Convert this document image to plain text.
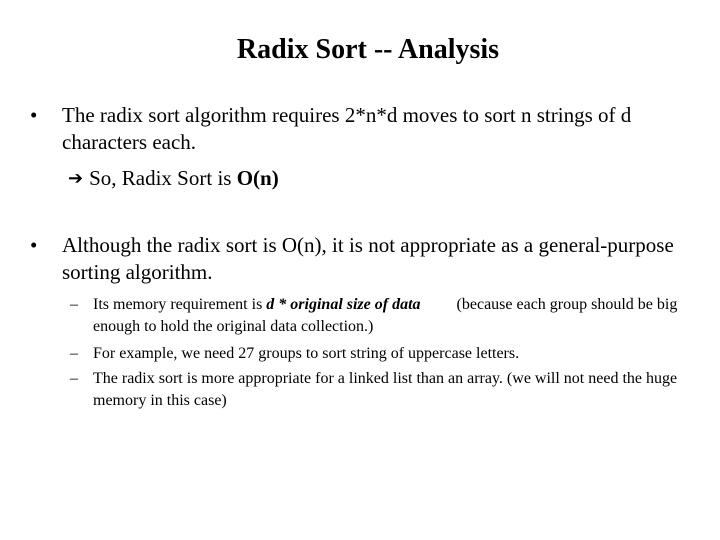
Radix Sort -- Analysis
• The radix sort algorithm requires 2*n*d moves to sort n strings of d characters each.
➔ So, Radix Sort is O(n)
• Although the radix sort is O(n), it is not appropriate as a general-purpose sorting algorithm.
– Its memory requirement is d * original size of data (because each group should be big enough to hold the original data collection.)
– For example, we need 27 groups to sort string of uppercase letters.
– The radix sort is more appropriate for a linked list than an array. (we will not need the huge memory in this case)
